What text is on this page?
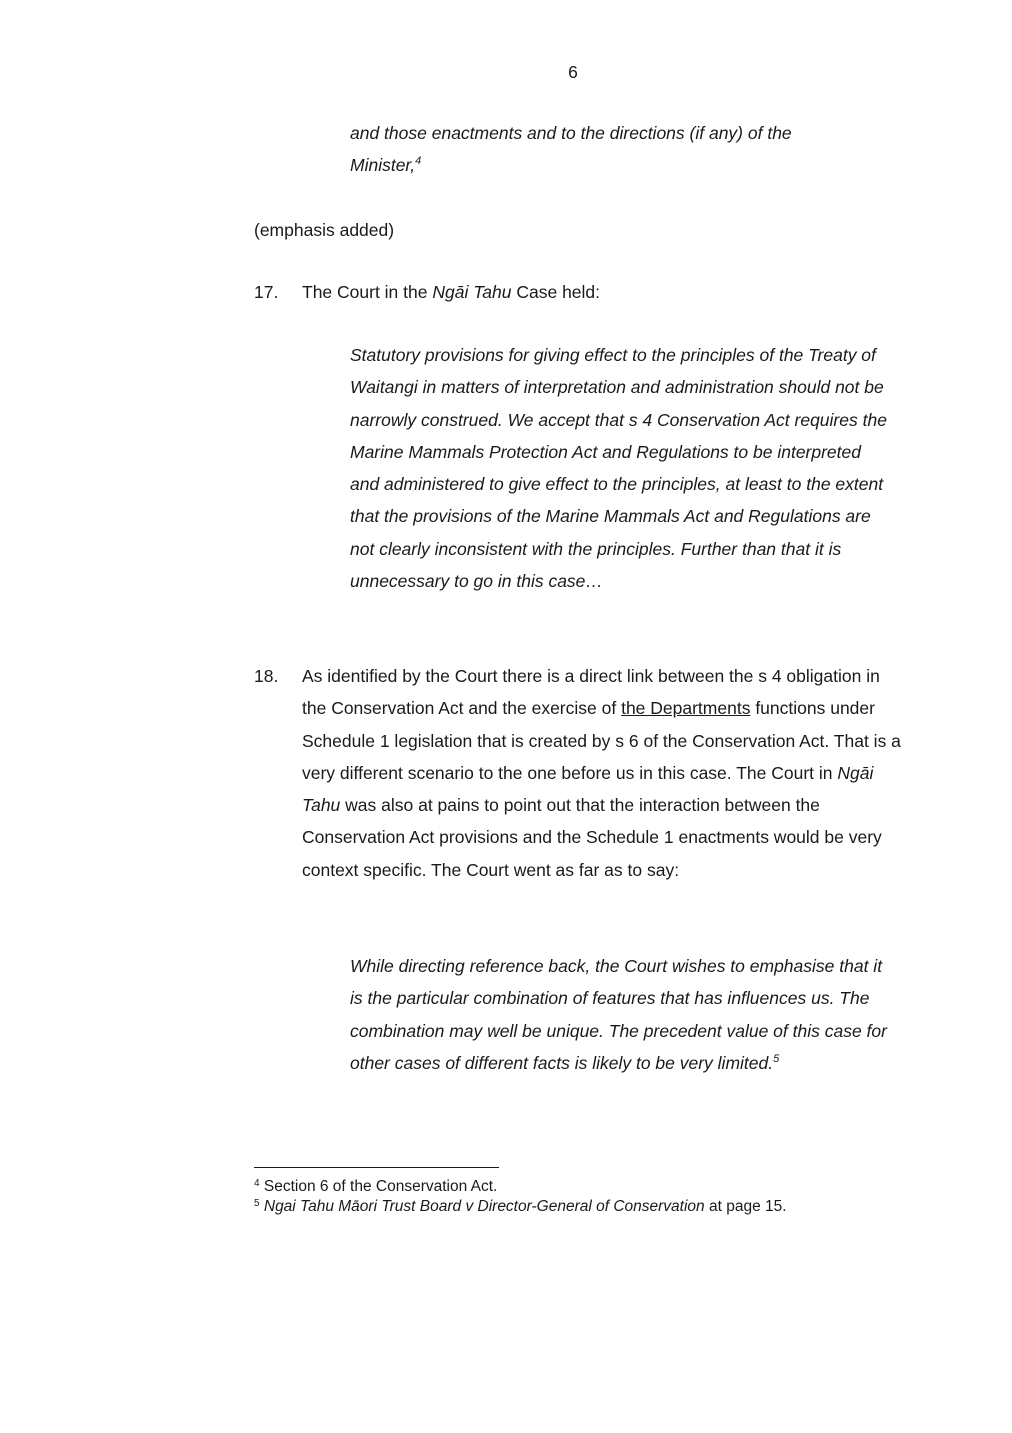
6

and those enactments and to the directions (if any) of the
Minister,$^4$

(emphasis added)
17.	The Court in the Ngāi Tahu Case held:

Statutory provisions for giving effect to the principles of the Treaty of Waitangi in matters of interpretation and administration should not be narrowly construed. We accept that s 4 Conservation Act requires the Marine Mammals Protection Act and Regulations to be interpreted and administered to give effect to the principles, at least to the extent that the provisions of the Marine Mammals Act and Regulations are not clearly inconsistent with the principles. Further than that it is unnecessary to go in this case…

18.	As identified by the Court there is a direct link between the s 4 obligation in the Conservation Act and the exercise of the Departments functions under Schedule 1 legislation that is created by s 6 of the Conservation Act. That is a very different scenario to the one before us in this case. The Court in Ngāi Tahu was also at pains to point out that the interaction between the Conservation Act provisions and the Schedule 1 enactments would be very context specific. The Court went as far as to say:

While directing reference back, the Court wishes to emphasise that it is the particular combination of features that has influences us. The combination may well be unique. The precedent value of this case for other cases of different facts is likely to be very limited.$^5$

$^4$ Section 6 of the Conservation Act.

$^5$ Ngai Tahu Māori Trust Board v Director-General of Conservation at page 15.
